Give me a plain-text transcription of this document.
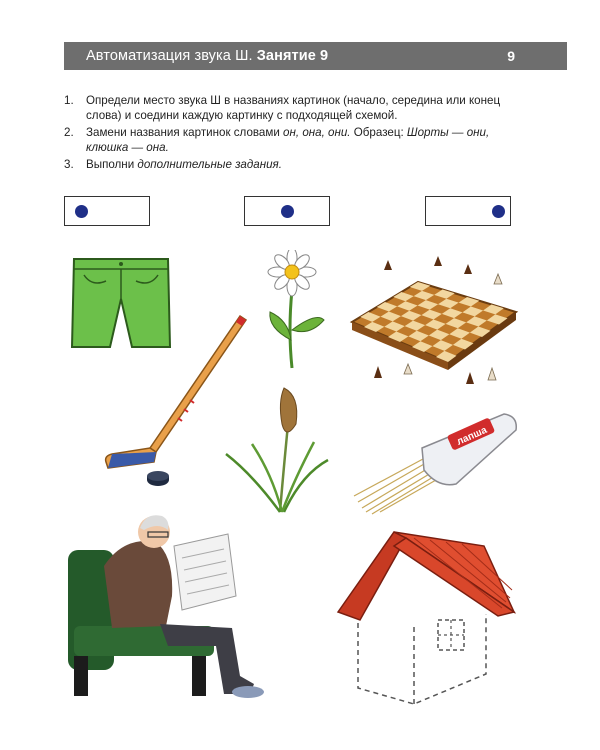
Автоматизация звука Ш. Занятие 9	9
1.	Определи место звука Ш в названиях картинок (начало, середина или конец слова) и соедини каждую картинку с подходящей схемой.
2.	Замени названия картинок словами он, она, они. Образец: Шорты — они, клюшка — она.
3.	Выполни дополнительные задания.
лапша
